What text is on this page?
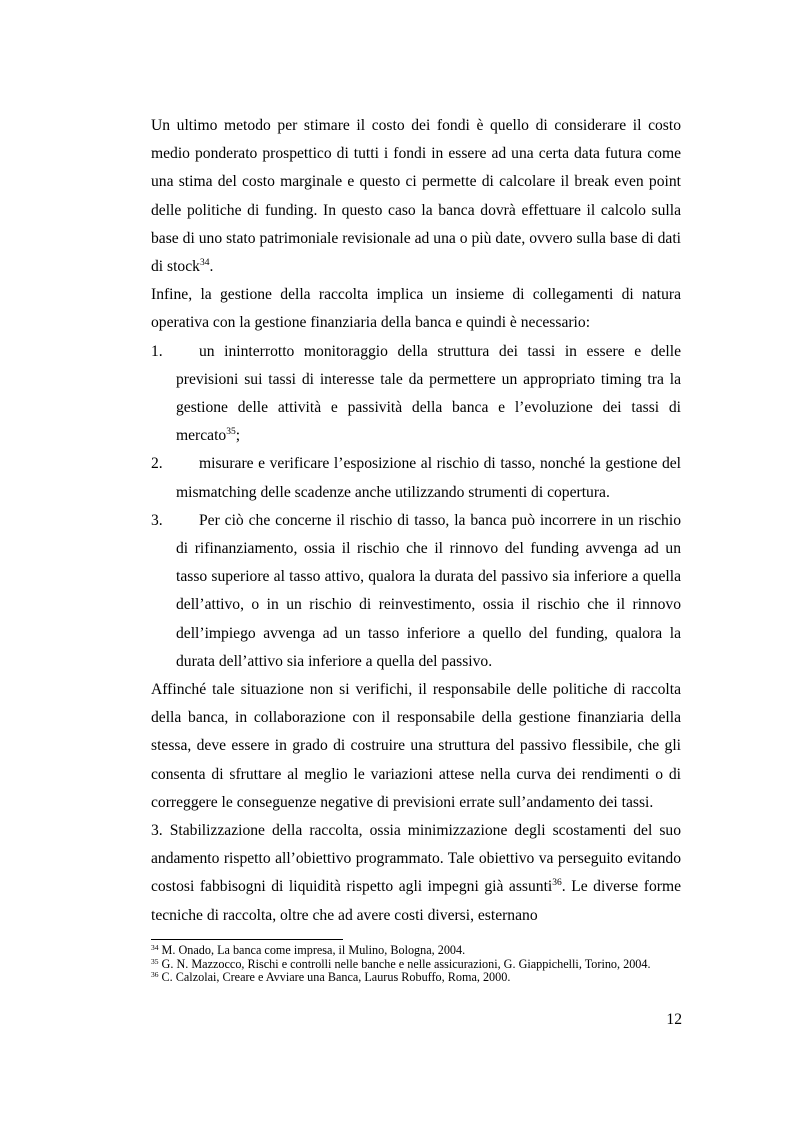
Un ultimo metodo per stimare il costo dei fondi è quello di considerare il costo medio ponderato prospettico di tutti i fondi in essere ad una certa data futura come una stima del costo marginale e questo ci permette di calcolare il break even point delle politiche di funding. In questo caso la banca dovrà effettuare il calcolo sulla base di uno stato patrimoniale revisionale ad una o più date, ovvero sulla base di dati di stock$^{34}$.

Infine, la gestione della raccolta implica un insieme di collegamenti di natura operativa con la gestione finanziaria della banca e quindi è necessario:

1. un ininterrotto monitoraggio della struttura dei tassi in essere e delle previsioni sui tassi di interesse tale da permettere un appropriato timing tra la gestione delle attività e passività della banca e l’evoluzione dei tassi di mercato$^{35}$;
2. misurare e verificare l’esposizione al rischio di tasso, nonché la gestione del mismatching delle scadenze anche utilizzando strumenti di copertura.
3. Per ciò che concerne il rischio di tasso, la banca può incorrere in un rischio di rifinanziamento, ossia il rischio che il rinnovo del funding avvenga ad un tasso superiore al tasso attivo, qualora la durata del passivo sia inferiore a quella dell’attivo, o in un rischio di reinvestimento, ossia il rischio che il rinnovo dell’impiego avvenga ad un tasso inferiore a quello del funding, qualora la durata dell’attivo sia inferiore a quella del passivo.

Affinché tale situazione non si verifichi, il responsabile delle politiche di raccolta della banca, in collaborazione con il responsabile della gestione finanziaria della stessa, deve essere in grado di costruire una struttura del passivo flessibile, che gli consenta di sfruttare al meglio le variazioni attese nella curva dei rendimenti o di correggere le conseguenze negative di previsioni errate sull’andamento dei tassi.

3. Stabilizzazione della raccolta, ossia minimizzazione degli scostamenti del suo andamento rispetto all’obiettivo programmato. Tale obiettivo va perseguito evitando costosi fabbisogni di liquidità rispetto agli impegni già assunti$^{36}$. Le diverse forme tecniche di raccolta, oltre che ad avere costi diversi, esternano

$^{34}$ M. Onado, La banca come impresa, il Mulino, Bologna, 2004.

$^{35}$ G. N. Mazzocco, Rischi e controlli nelle banche e nelle assicurazioni, G. Giappichelli, Torino, 2004.

$^{36}$ C. Calzolai, Creare e Avviare una Banca, Laurus Robuffo, Roma, 2000.

12
